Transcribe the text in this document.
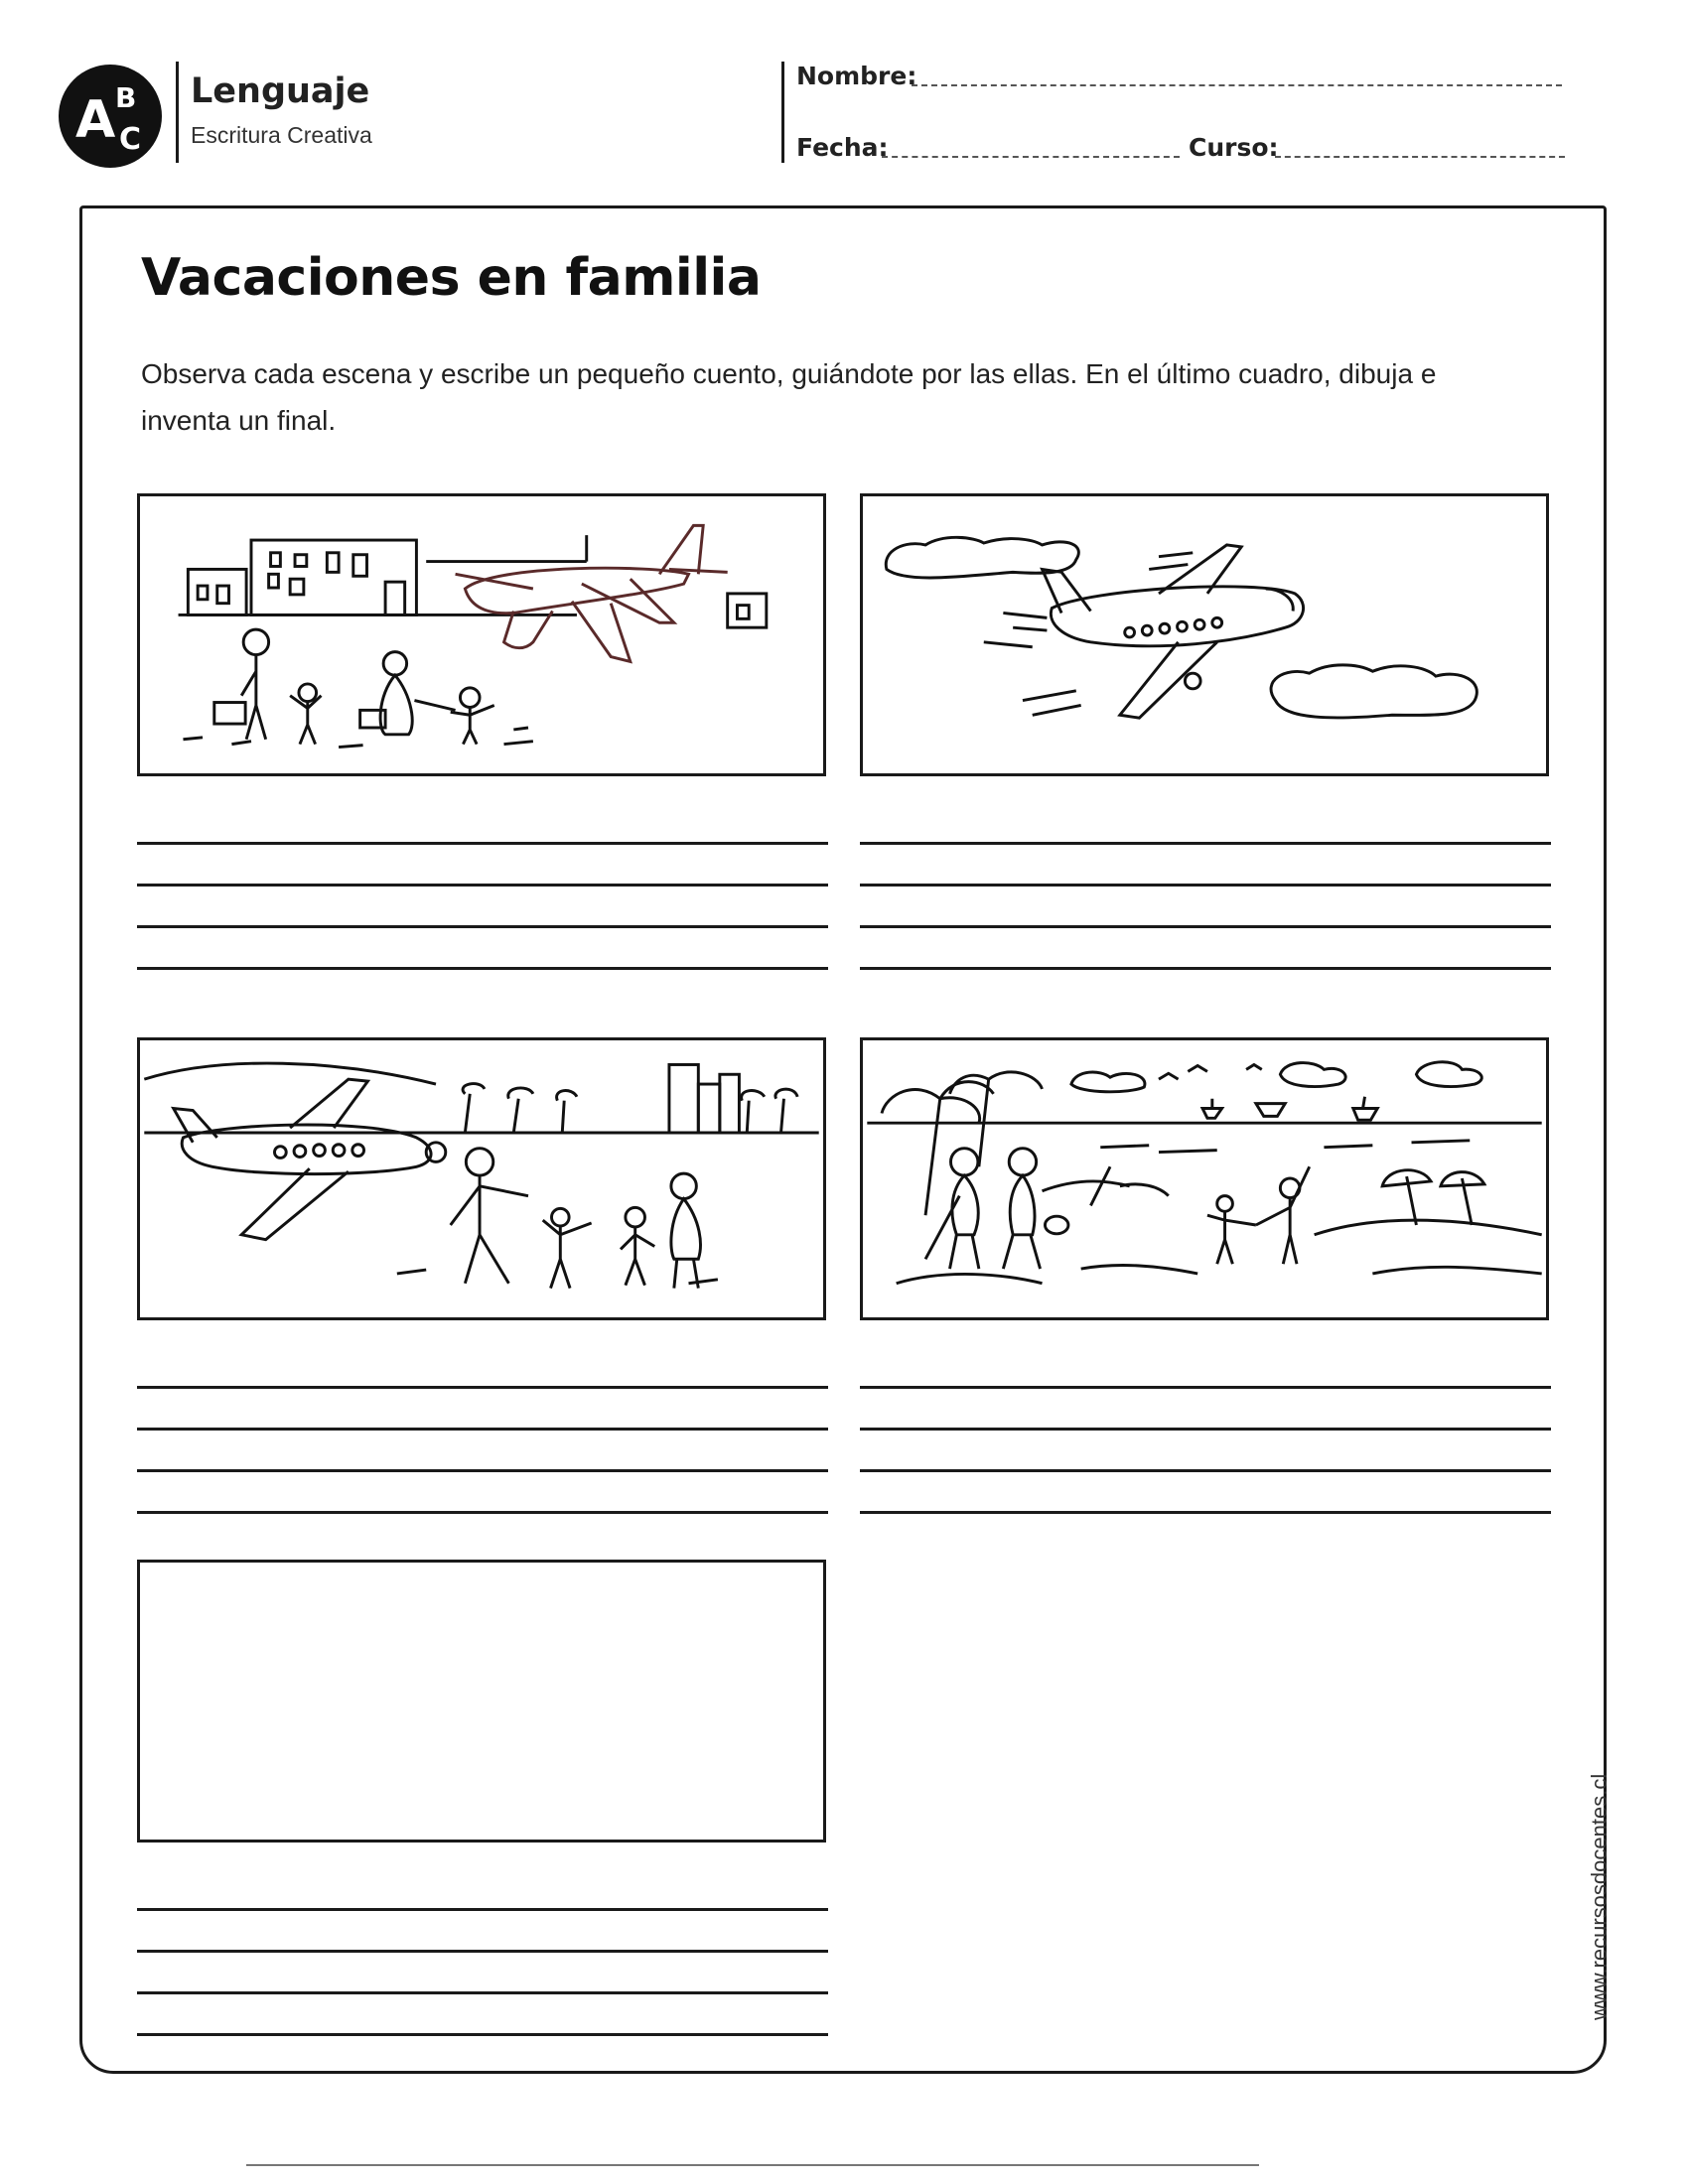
A B
C
Lenguaje
Escritura Creativa
Nombre:
Fecha:	Curso:
Vacaciones en familia
Observa cada escena y escribe un pequeño cuento, guiándote por las ellas. En el último cuadro, dibuja e inventa un final.
www.recursosdocentes.cl
